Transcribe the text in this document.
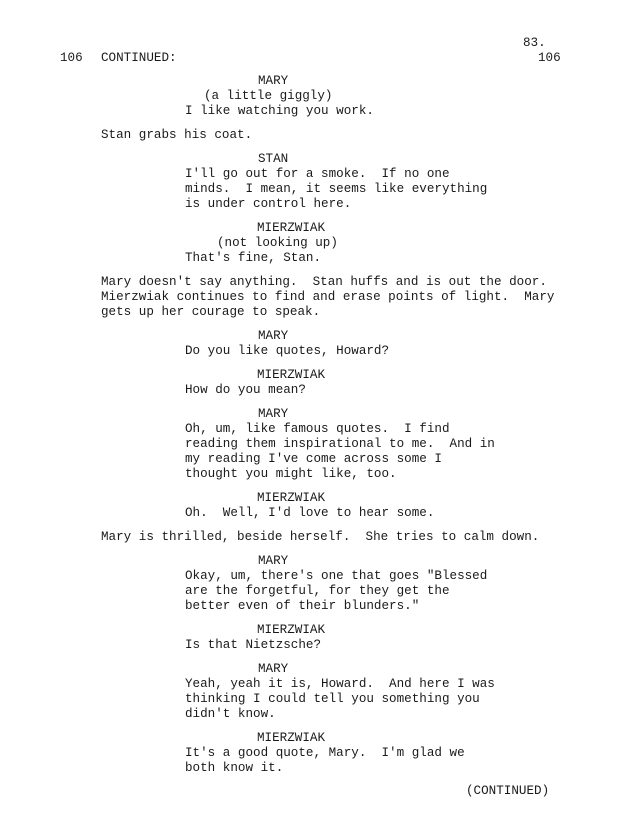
83.
106 CONTINUED:	106
MARY
(a little giggly)
I like watching you work.
Stan grabs his coat.
STAN
I'll go out for a smoke.  If no one
minds.  I mean, it seems like everything
is under control here.
MIERZWIAK
(not looking up)
That's fine, Stan.
Mary doesn't say anything.  Stan huffs and is out the door.
Mierzwiak continues to find and erase points of light.  Mary
gets up her courage to speak.
MARY
Do you like quotes, Howard?
MIERZWIAK
How do you mean?
MARY
Oh, um, like famous quotes.  I find
reading them inspirational to me.  And in
my reading I've come across some I
thought you might like, too.
MIERZWIAK
Oh.  Well, I'd love to hear some.
Mary is thrilled, beside herself.  She tries to calm down.
MARY
Okay, um, there's one that goes "Blessed
are the forgetful, for they get the
better even of their blunders."
MIERZWIAK
Is that Nietzsche?
MARY
Yeah, yeah it is, Howard.  And here I was
thinking I could tell you something you
didn't know.
MIERZWIAK
It's a good quote, Mary.  I'm glad we
both know it.
(CONTINUED)
